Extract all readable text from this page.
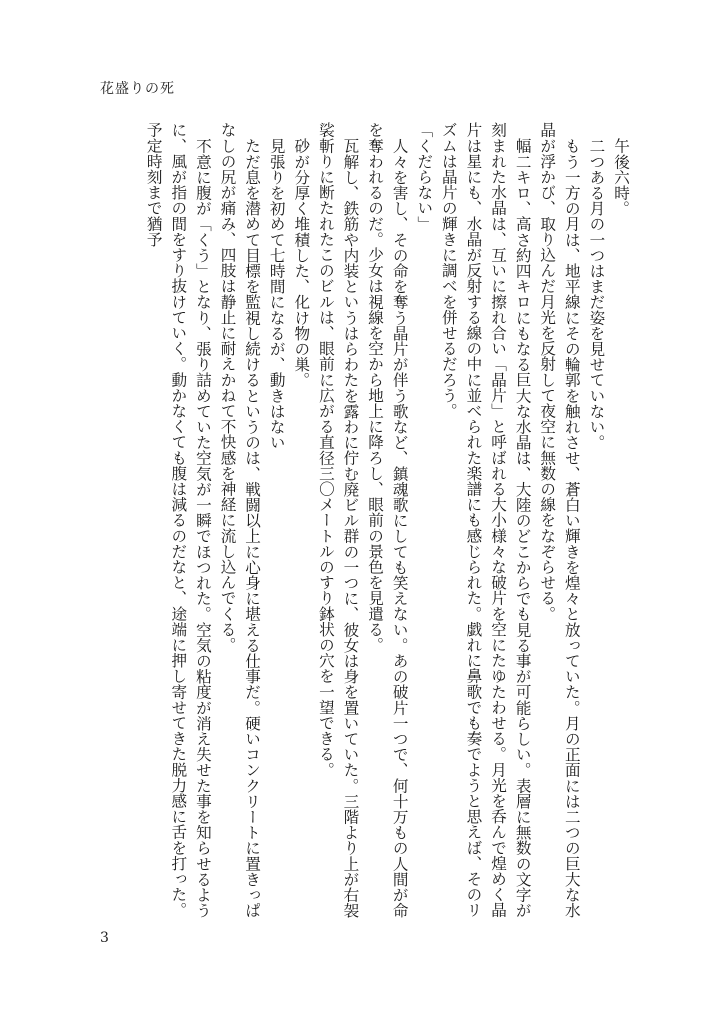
花盛りの死

午後六時。

二つある月の一つはまだ姿を見せていない。

もう一方の月は、地平線にその輪郭を触れさせ、蒼白い輝きを煌々と放っていた。月の正面には二つの巨大な水晶が浮かび、取り込んだ月光を反射して夜空に無数の線をなぞらせる。

幅二キロ、高さ約四キロにもなる巨大な水晶は、大陸のどこからでも見る事が可能らしい。表層に無数の文字が刻まれた水晶は、互いに擦れ合い「晶片」と呼ばれる大小様々な破片を空にたゆたわせる。月光を呑んで煌めく晶片は星にも、水晶が反射する線の中に並べられた楽譜にも感じられた。戯れに鼻歌でも奏でようと思えば、そのリズムは晶片の輝きに調べを併せるだろう。

「くだらない」

人々を害し、その命を奪う晶片が伴う歌など、鎮魂歌にしても笑えない。あの破片一つで、何十万もの人間が命を奪われるのだ。少女は視線を空から地上に降ろし、眼前の景色を見遣る。

瓦解し、鉄筋や内装というはらわたを露わに佇む廃ビル群の一つに、彼女は身を置いていた。三階より上が右袈裟斬りに断たれたこのビルは、眼前に広がる直径三〇メートルのすり鉢状の穴を一望できる。

砂が分厚く堆積した、化け物の巣。

見張りを初めて七時間になるが、動きはない

ただ息を潜めて目標を監視し続けるというのは、戦闘以上に心身に堪える仕事だ。硬いコンクリートに置きっぱなしの尻が痛み、四肢は静止に耐えかねて不快感を神経に流し込んでくる。

不意に腹が「くう」となり、張り詰めていた空気が一瞬でほつれた。空気の粘度が消え失せた事を知らせるように、風が指の間をすり抜けていく。動かなくても腹は減るのだなと、途端に押し寄せてきた脱力感に舌を打った。予定時刻まで猶予

3
